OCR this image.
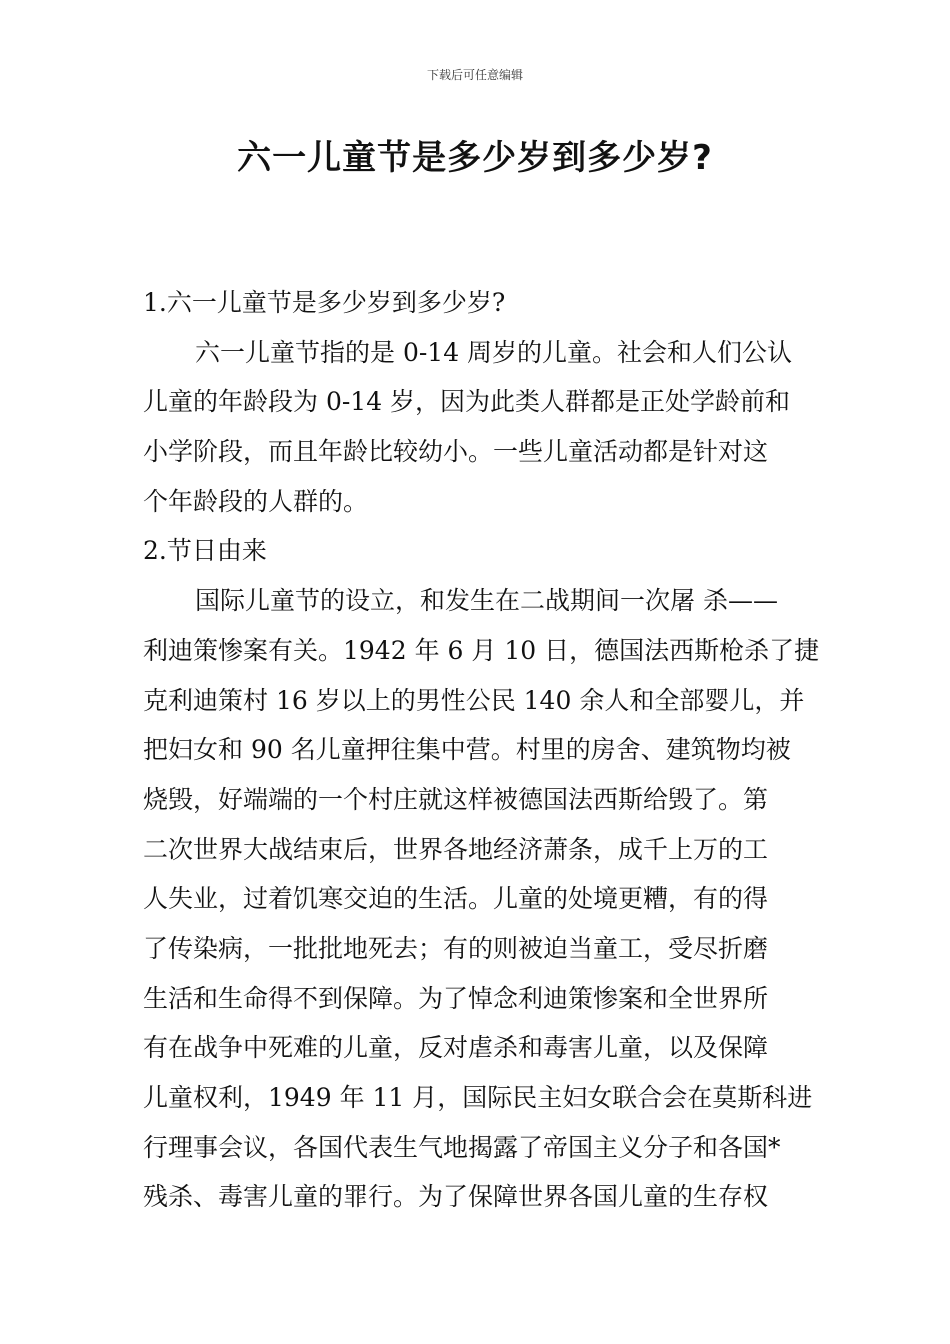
下载后可任意编辑
六一儿童节是多少岁到多少岁?
1.六一儿童节是多少岁到多少岁?
六一儿童节指的是 0-14 周岁的儿童。社会和人们公认
儿童的年龄段为 0-14 岁，因为此类人群都是正处学龄前和
小学阶段，而且年龄比较幼小。一些儿童活动都是针对这
个年龄段的人群的。
2.节日由来
国际儿童节的设立，和发生在二战期间一次屠 杀——
利迪策惨案有关。1942 年 6 月 10 日，德国法西斯枪杀了捷
克利迪策村 16 岁以上的男性公民 140 余人和全部婴儿，并
把妇女和 90 名儿童押往集中营。村里的房舍、建筑物均被
烧毁，好端端的一个村庄就这样被德国法西斯给毁了。第
二次世界大战结束后，世界各地经济萧条，成千上万的工
人失业，过着饥寒交迫的生活。儿童的处境更糟，有的得
了传染病，一批批地死去；有的则被迫当童工，受尽折磨
生活和生命得不到保障。为了悼念利迪策惨案和全世界所
有在战争中死难的儿童，反对虐杀和毒害儿童，以及保障
儿童权利，1949 年 11 月，国际民主妇女联合会在莫斯科进
行理事会议，各国代表生气地揭露了帝国主义分子和各国*
残杀、毒害儿童的罪行。为了保障世界各国儿童的生存权
